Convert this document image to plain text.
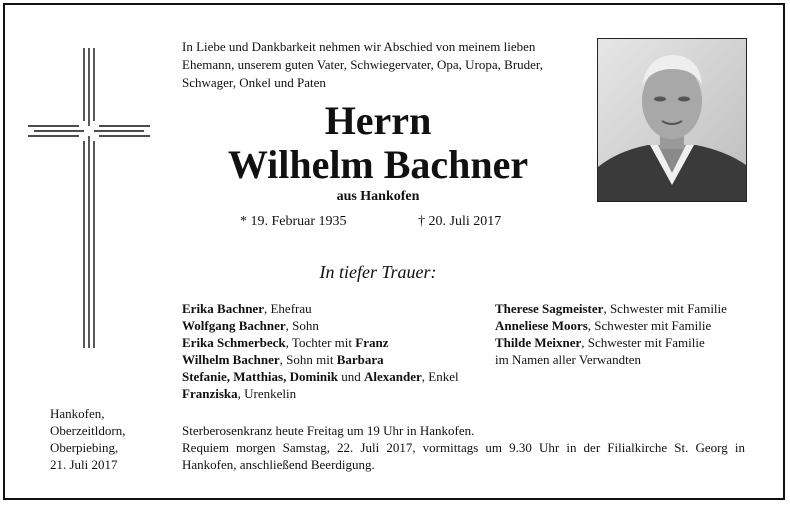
In Liebe und Dankbarkeit nehmen wir Abschied von meinem lieben
Ehemann, unserem guten Vater, Schwiegervater, Opa, Uropa, Bruder,
Schwager, Onkel und Paten
Herrn
Wilhelm Bachner
aus Hankofen
* 19. Februar 1935	† 20. Juli 2017
In tiefer Trauer:
Erika Bachner, Ehefrau
Wolfgang Bachner, Sohn
Erika Schmerbeck, Tochter mit Franz
Wilhelm Bachner, Sohn mit Barbara
Stefanie, Matthias, Dominik und Alexander, Enkel
Franziska, Urenkelin
Therese Sagmeister, Schwester mit Familie
Anneliese Moors, Schwester mit Familie
Thilde Meixner, Schwester mit Familie
im Namen aller Verwandten
Hankofen,
Oberzeitldorn,
Oberpiebing,
21. Juli 2017
Sterberosenkranz heute Freitag um 19 Uhr in Hankofen.
Requiem morgen Samstag, 22. Juli 2017, vormittags um 9.30 Uhr in der Filialkirche St. Georg in
Hankofen, anschließend Beerdigung.
